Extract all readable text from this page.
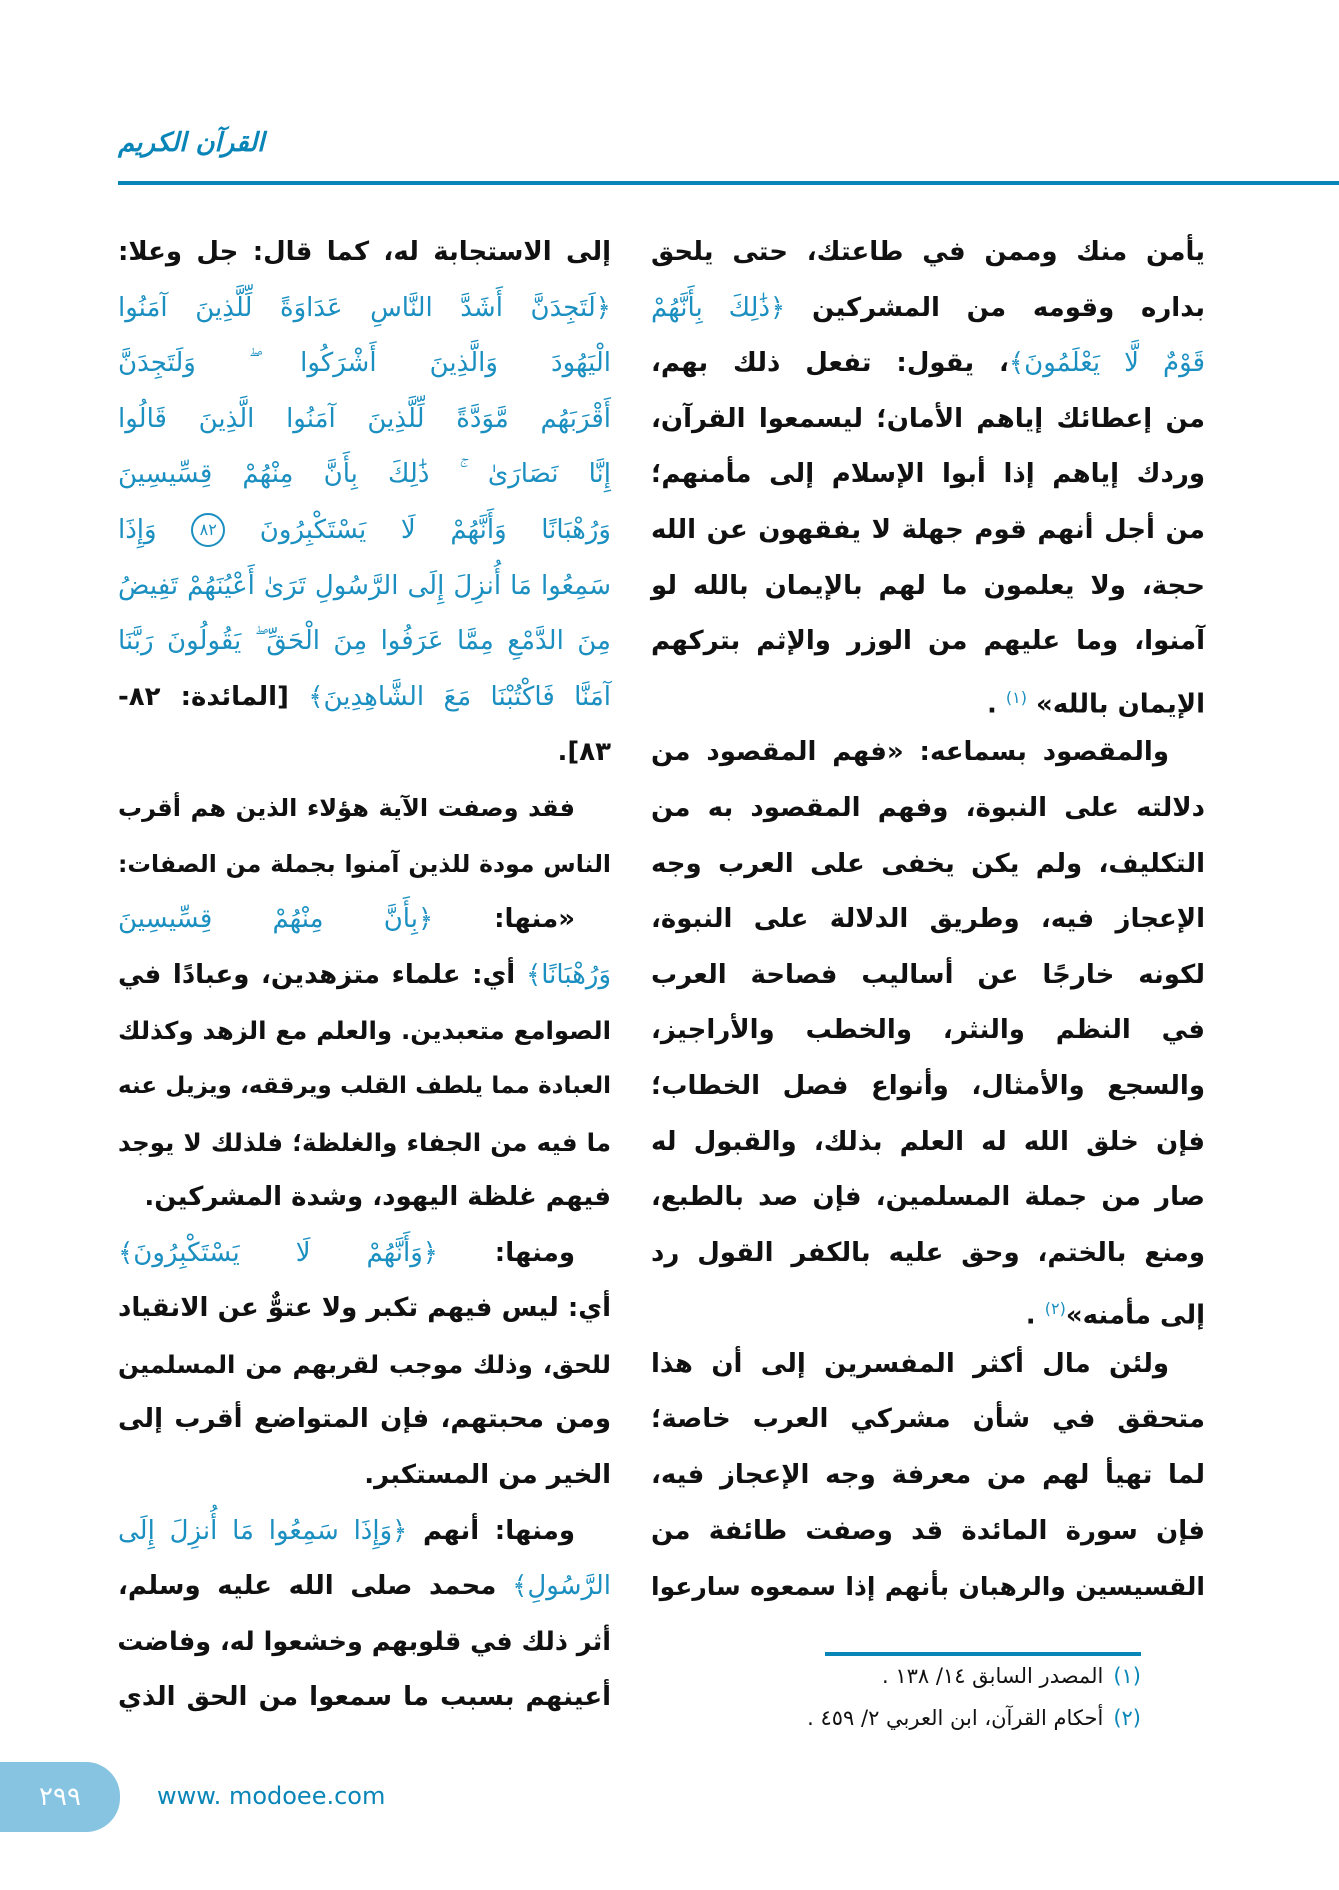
القرآن الكريم
يأمن منك وممن في طاعتك، حتى يلحق
بداره وقومه من المشركين ﴿ذَٰلِكَ بِأَنَّهُمْ
قَوْمٌ لَّا يَعْلَمُونَ﴾، يقول: تفعل ذلك بهم،
من إعطائك إياهم الأمان؛ ليسمعوا القرآن،
وردك إياهم إذا أبوا الإسلام إلى مأمنهم؛
من أجل أنهم قوم جهلة لا يفقهون عن الله
حجة، ولا يعلمون ما لهم بالإيمان بالله لو
آمنوا، وما عليهم من الوزر والإثم بتركهم
الإيمان بالله» $^{(١)}$ .
والمقصود بسماعه: «فهم المقصود من
دلالته على النبوة، وفهم المقصود به من
التكليف، ولم يكن يخفى على العرب وجه
الإعجاز فيه، وطريق الدلالة على النبوة،
لكونه خارجًا عن أساليب فصاحة العرب
في النظم والنثر، والخطب والأراجيز،
والسجع والأمثال، وأنواع فصل الخطاب؛
فإن خلق الله له العلم بذلك، والقبول له
صار من جملة المسلمين، فإن صد بالطبع،
ومنع بالختم، وحق عليه بالكفر القول رد
إلى مأمنه»$^{(٢)}$ .
ولئن مال أكثر المفسرين إلى أن هذا
متحقق في شأن مشركي العرب خاصة؛
لما تهيأ لهم من معرفة وجه الإعجاز فيه،
فإن سورة المائدة قد وصفت طائفة من
القسيسين والرهبان بأنهم إذا سمعوه سارعوا
إلى الاستجابة له، كما قال: جل وعلا:
﴿لَتَجِدَنَّ أَشَدَّ النَّاسِ عَدَاوَةً لِّلَّذِينَ آمَنُوا
الْيَهُودَ وَالَّذِينَ أَشْرَكُوا ۖ وَلَتَجِدَنَّ
أَقْرَبَهُم مَّوَدَّةً لِّلَّذِينَ آمَنُوا الَّذِينَ قَالُوا
إِنَّا نَصَارَىٰ ۚ ذَٰلِكَ بِأَنَّ مِنْهُمْ قِسِّيسِينَ
وَرُهْبَانًا وَأَنَّهُمْ لَا يَسْتَكْبِرُونَ ٨٢ وَإِذَا
سَمِعُوا مَا أُنزِلَ إِلَى الرَّسُولِ تَرَىٰ أَعْيُنَهُمْ تَفِيضُ
مِنَ الدَّمْعِ مِمَّا عَرَفُوا مِنَ الْحَقِّ ۖ يَقُولُونَ رَبَّنَا
آمَنَّا فَاكْتُبْنَا مَعَ الشَّاهِدِينَ﴾ [المائدة: ٨٢-
٨٣].
فقد وصفت الآية هؤلاء الذين هم أقرب
الناس مودة للذين آمنوا بجملة من الصفات:
«منها: ﴿بِأَنَّ مِنْهُمْ قِسِّيسِينَ
وَرُهْبَانًا﴾ أي: علماء متزهدين، وعبادًا في
الصوامع متعبدين. والعلم مع الزهد وكذلك
العبادة مما يلطف القلب ويرققه، ويزيل عنه
ما فيه من الجفاء والغلظة؛ فلذلك لا يوجد
فيهم غلظة اليهود، وشدة المشركين.
ومنها: ﴿وَأَنَّهُمْ لَا يَسْتَكْبِرُونَ﴾
أي: ليس فيهم تكبر ولا عتوٌّ عن الانقياد
للحق، وذلك موجب لقربهم من المسلمين
ومن محبتهم، فإن المتواضع أقرب إلى
الخير من المستكبر.
ومنها: أنهم ﴿وَإِذَا سَمِعُوا مَا أُنزِلَ إِلَى
الرَّسُولِ﴾ محمد صلى الله عليه وسلم،
أثر ذلك في قلوبهم وخشعوا له، وفاضت
أعينهم بسبب ما سمعوا من الحق الذي
(١)المصدر السابق ١٤/ ١٣٨ .
(٢)أحكام القرآن، ابن العربي ٢/ ٤٥٩ .
٢٩٩	www. modoee.com
